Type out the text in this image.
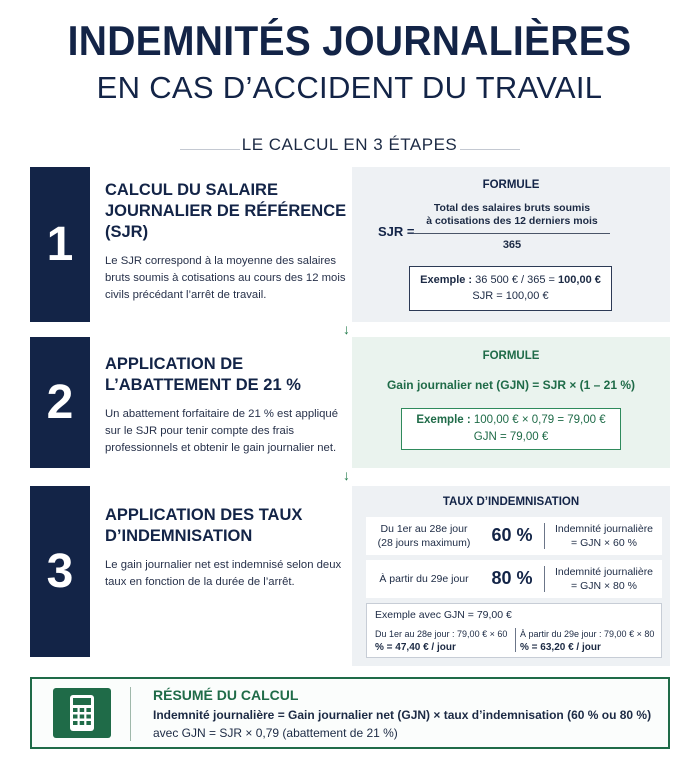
INDEMNITÉS JOURNALIÈRES
EN CAS D’ACCIDENT DU TRAVAIL
LE CALCUL EN 3 ÉTAPES
1
CALCUL DU SALAIRE JOURNALIER DE RÉFÉRENCE (SJR)
Le SJR correspond à la moyenne des salaires bruts soumis à cotisations au cours des 12 mois civils précédant l’arrêt de travail.
FORMULE
SJR =
Total des salaires bruts soumis
à cotisations des 12 derniers mois
365
Exemple : 36 500 € / 365 = 100,00 €
SJR = 100,00 €
↓
2
APPLICATION DE L’ABATTEMENT DE 21 %
Un abattement forfaitaire de 21 % est appliqué sur le SJR pour tenir compte des frais professionnels et obtenir le gain journalier net.
FORMULE
Gain journalier net (GJN) = SJR × (1 – 21 %)
Exemple : 100,00 € × 0,79 = 79,00 €
GJN = 79,00 €
↓
3
APPLICATION DES TAUX D’INDEMNISATION
Le gain journalier net est indemnisé selon deux taux en fonction de la durée de l’arrêt.
TAUX D’INDEMNISATION
Du 1er au 28e jour
(28 jours maximum)	60 %	Indemnité journalière
= GJN × 60 %
À partir du 29e jour	80 %	Indemnité journalière
= GJN × 80 %
Exemple avec GJN = 79,00 €
Du 1er au 28e jour : 79,00 € × 60
% = 47,40 € / jour
À partir du 29e jour : 79,00 € × 80
% = 63,20 € / jour
RÉSUMÉ DU CALCUL
Indemnité journalière = Gain journalier net (GJN) × taux d’indemnisation (60 % ou 80 %)
avec GJN = SJR × 0,79 (abattement de 21 %)
